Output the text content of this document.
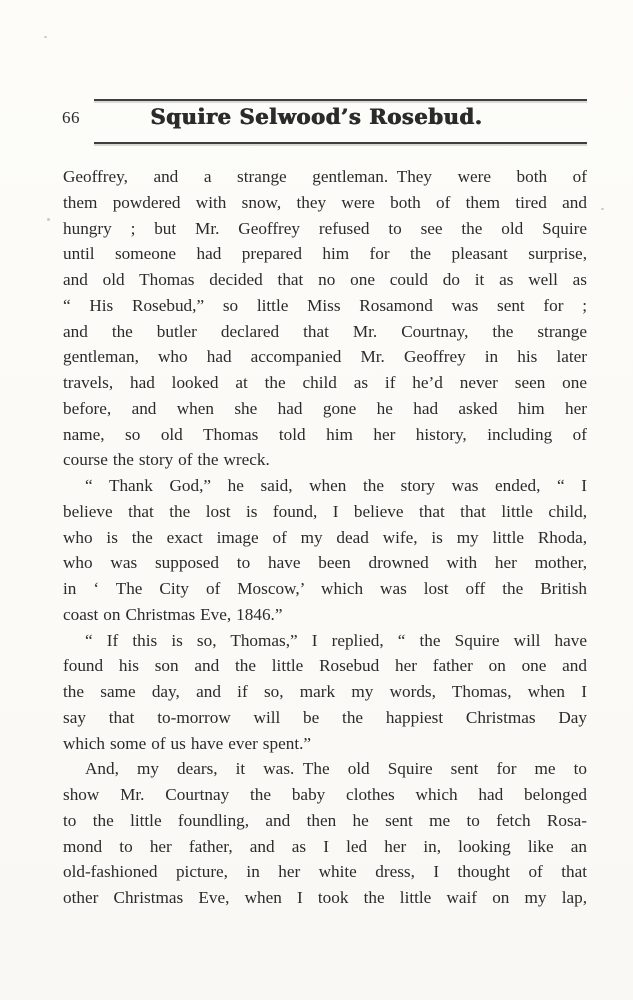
66	Squire Selwood’s Rosebud.
Geoffrey, and a strange gentleman. They were both of
them powdered with snow, they were both of them tired and
hungry ; but Mr. Geoffrey refused to see the old Squire
until someone had prepared him for the pleasant surprise,
and old Thomas decided that no one could do it as well as
“ His Rosebud,” so little Miss Rosamond was sent for ;
and the butler declared that Mr. Courtnay, the strange
gentleman, who had accompanied Mr. Geoffrey in his later
travels, had looked at the child as if he’d never seen one
before, and when she had gone he had asked him her
name, so old Thomas told him her history, including of
course the story of the wreck.
“ Thank God,” he said, when the story was ended, “ I
believe that the lost is found, I believe that that little child,
who is the exact image of my dead wife, is my little Rhoda,
who was supposed to have been drowned with her mother,
in ‘ The City of Moscow,’ which was lost off the British
coast on Christmas Eve, 1846.”
“ If this is so, Thomas,” I replied, “ the Squire will have
found his son and the little Rosebud her father on one and
the same day, and if so, mark my words, Thomas, when I
say that to-morrow will be the happiest Christmas Day
which some of us have ever spent.”
And, my dears, it was. The old Squire sent for me to
show Mr. Courtnay the baby clothes which had belonged
to the little foundling, and then he sent me to fetch Rosa-
mond to her father, and as I led her in, looking like an
old-fashioned picture, in her white dress, I thought of that
other Christmas Eve, when I took the little waif on my lap,
